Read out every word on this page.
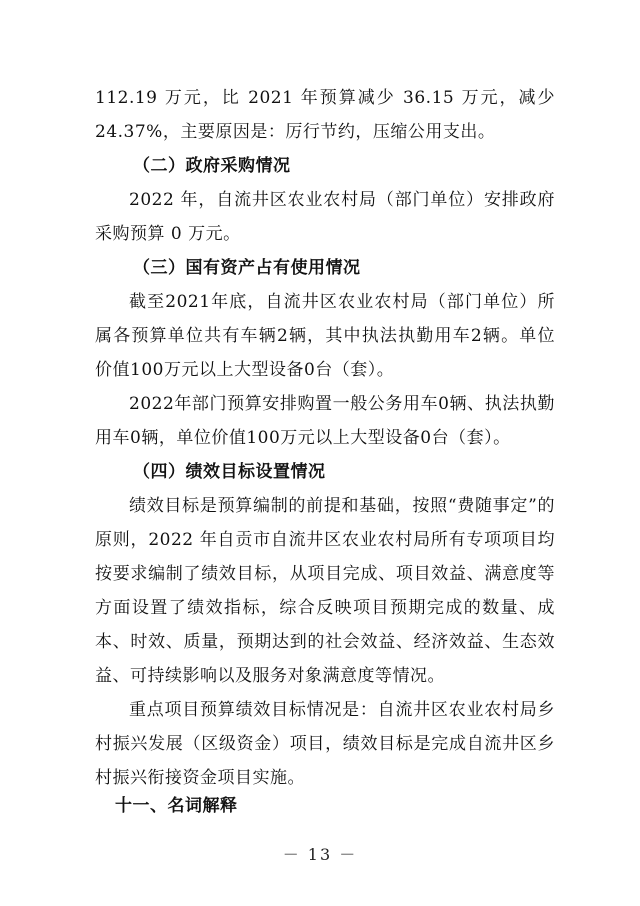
112.19 万元，比 2021 年预算减少 36.15 万元，减少 24.37%，主要原因是：厉行节约，压缩公用支出。
（二）政府采购情况
2022 年，自流井区农业农村局（部门单位）安排政府采购预算 0 万元。
（三）国有资产占有使用情况
截至2021年底，自流井区农业农村局（部门单位）所属各预算单位共有车辆2辆，其中执法执勤用车2辆。单位价值100万元以上大型设备0台（套）。
2022年部门预算安排购置一般公务用车0辆、执法执勤用车0辆，单位价值100万元以上大型设备0台（套）。
（四）绩效目标设置情况
绩效目标是预算编制的前提和基础，按照“费随事定”的原则，2022 年自贡市自流井区农业农村局所有专项项目均按要求编制了绩效目标，从项目完成、项目效益、满意度等方面设置了绩效指标，综合反映项目预期完成的数量、成本、时效、质量，预期达到的社会效益、经济效益、生态效益、可持续影响以及服务对象满意度等情况。
重点项目预算绩效目标情况是：自流井区农业农村局乡村振兴发展（区级资金）项目，绩效目标是完成自流井区乡村振兴衔接资金项目实施。
十一、名词解释
－ 13 －
